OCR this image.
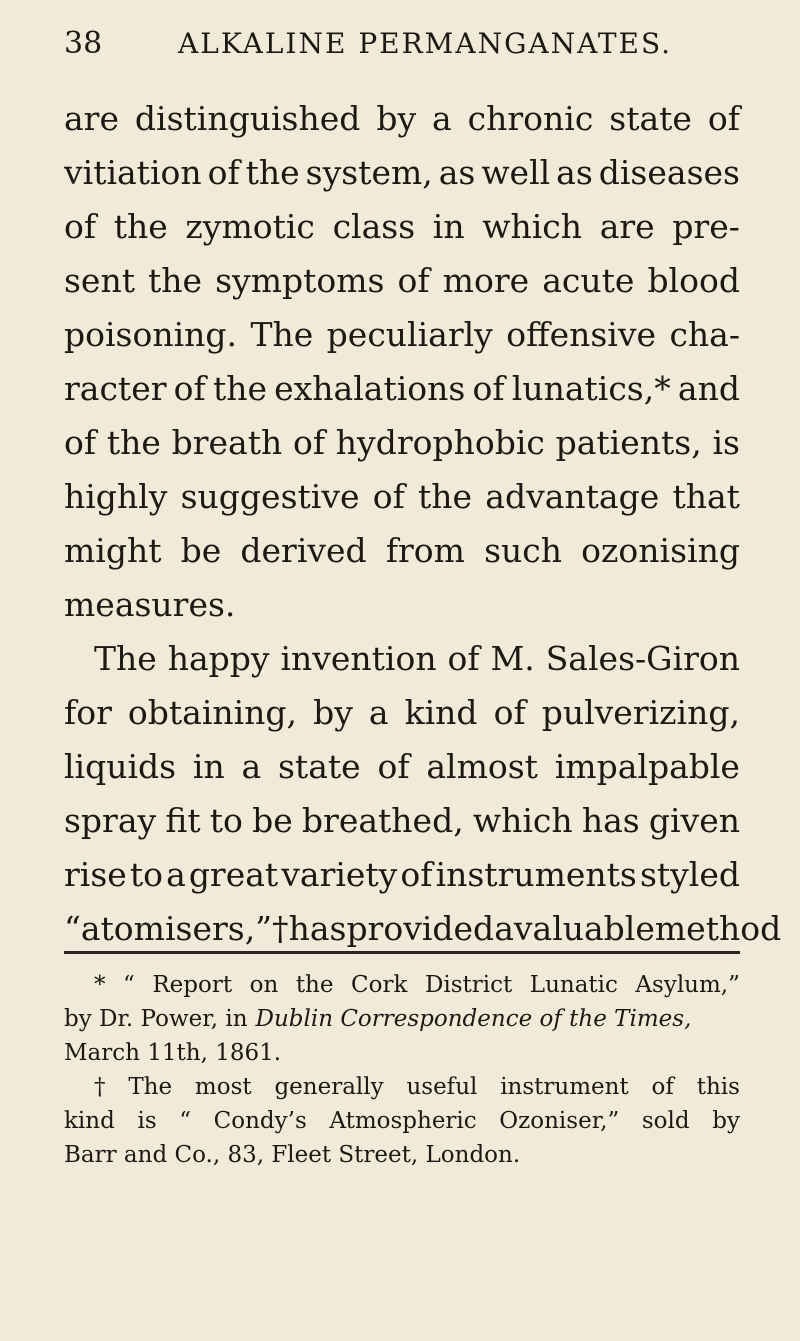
38	ALKALINE PERMANGANATES.
are distinguished by a chronic state of
vitiation of the system, as well as diseases
of the zymotic class in which are pre-
sent the symptoms of more acute blood
poisoning. The peculiarly offensive cha-
racter of the exhalations of lunatics,* and
of the breath of hydrophobic patients, is
highly suggestive of the advantage that
might be derived from such ozonising
measures.
The happy invention of M. Sales-Giron
for obtaining, by a kind of pulverizing,
liquids in a state of almost impalpable
spray fit to be breathed, which has given
rise to a great variety of instruments styled
“atomisers,”† has provided a valuable method
* “ Report on the Cork District Lunatic Asylum,”
by Dr. Power, in Dublin Correspondence of the Times,
March 11th, 1861.
† The most generally useful instrument of this
kind is “ Condy’s Atmospheric Ozoniser,” sold by
Barr and Co., 83, Fleet Street, London.
